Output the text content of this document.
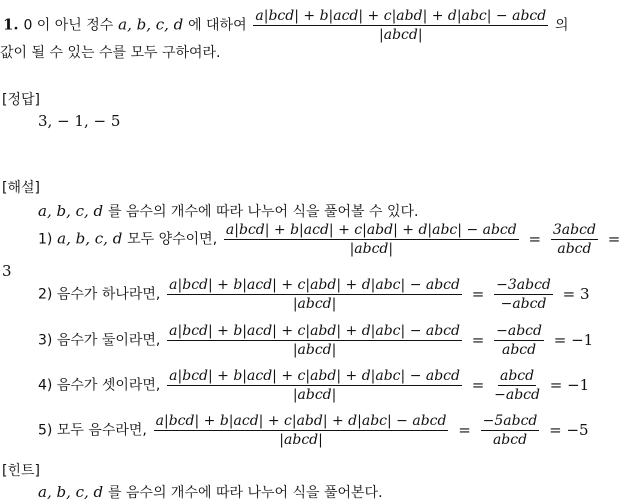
1. 0 이 아닌 정수 a, b, c, d 에 대하여 $\frac{\text{a|bcd| + b|acd| + c|abd| + d|abc| − abcd}}{\text{|abcd|}}$ 의
값이 될 수 있는 수를 모두 구하여라.
[정답]
3, − 1, − 5
[해설]
a, b, c, d 를 음수의 개수에 따라 나누어 식을 풀어볼 수 있다.
1) a, b, c, d 모두 양수이면, $\frac{\text{a|bcd| + b|acd| + c|abd| + d|abc| − abcd}}{\text{|abcd|}} = \frac{\text{3abcd}}{\text{abcd}}$ =
3
2) 음수가 하나라면, $\frac{\text{a|bcd| + b|acd| + c|abd| + d|abc| − abcd}}{\text{|abcd|}} = \frac{\text{−3abcd}}{\text{−abcd}} = 3$
3) 음수가 둘이라면, $\frac{\text{a|bcd| + b|acd| + c|abd| + d|abc| − abcd}}{\text{|abcd|}} = \frac{\text{−abcd}}{\text{abcd}} = -1$
4) 음수가 셋이라면, $\frac{\text{a|bcd| + b|acd| + c|abd| + d|abc| − abcd}}{\text{|abcd|}} = \frac{\text{abcd}}{\text{−abcd}} = -1$
5) 모두 음수라면, $\frac{\text{a|bcd| + b|acd| + c|abd| + d|abc| − abcd}}{\text{|abcd|}} = \frac{\text{−5abcd}}{\text{abcd}} = -5$
[힌트]
a, b, c, d 를 음수의 개수에 따라 나누어 식을 풀어본다.
